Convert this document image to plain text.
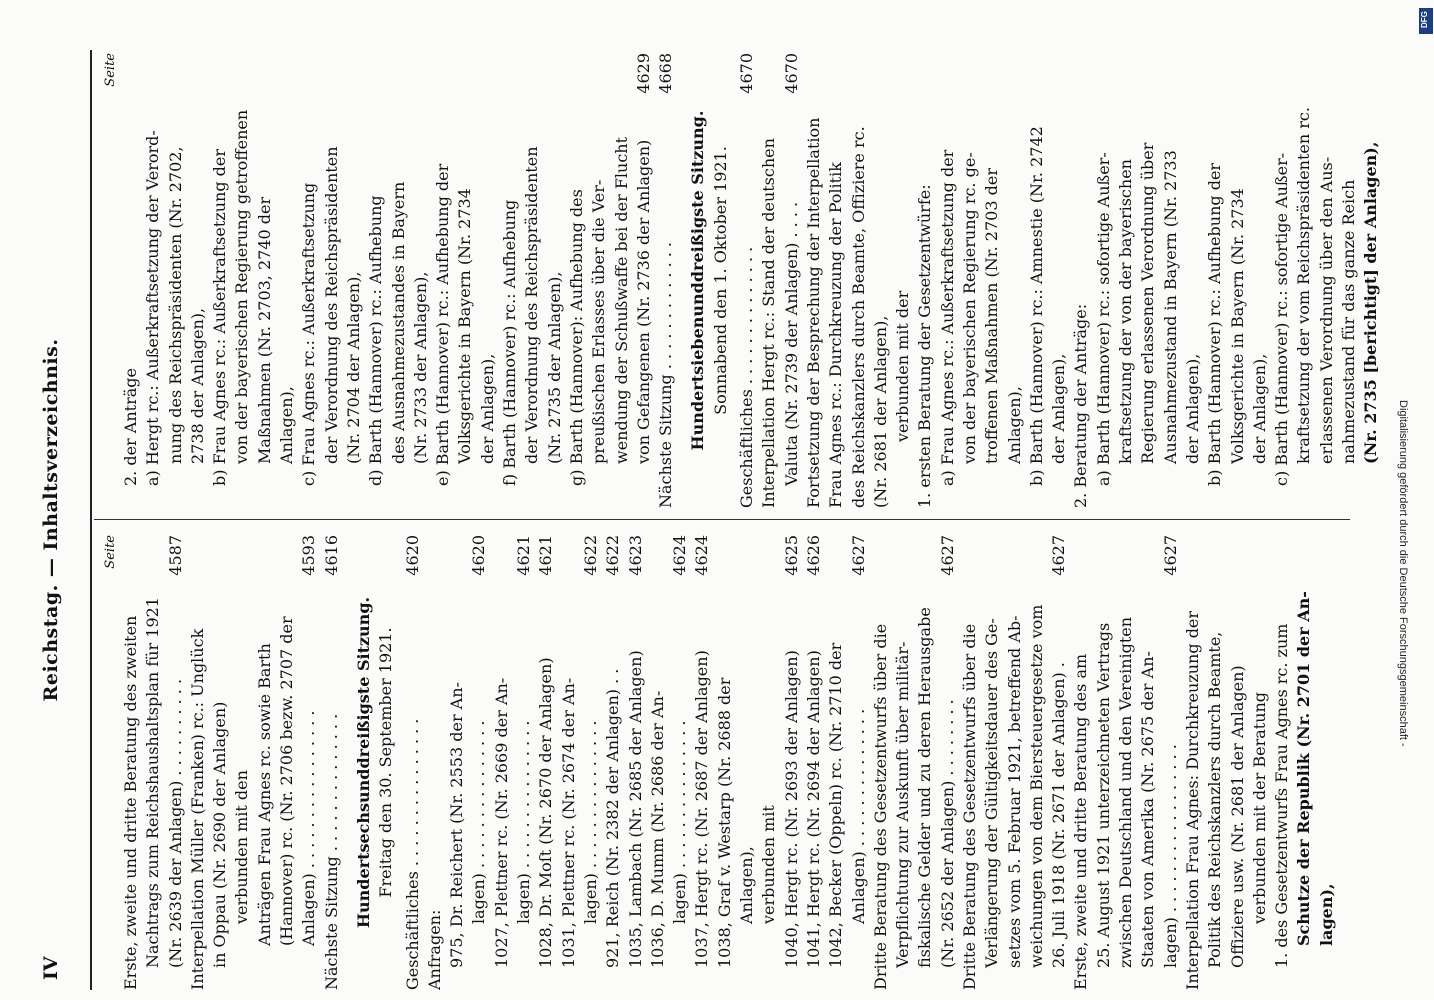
IV
Reichstag. — Inhaltsverzeichnis.	Seite
Erste, zweite und dritte Beratung des zweiten Nachtrags zum Reichshaushaltsplan für 1921 (Nr. 2639 der Anlagen) . . . . . . . . . .
4587
Interpellation Müller (Franken) rc.: Unglück in Oppau (Nr. 2690 der Anlagen) verbunden mit den Anträgen Frau Agnes rc. sowie Barth (Hannover) rc. (Nr. 2706 bezw. 2707 der Anlagen) . . . . . . . . . . . . . . . .
4593
Nächste Sitzung . . . . . . . . . . . . . .
4616
Hundertsechsunddreißigste Sitzung. Freitag den 30. September 1921. Geschäftliches . . . . . . . . . . . . . . .
4620
Anfragen: 975, Dr. Reichert (Nr. 2553 der An- lagen) . . . . . . . . . . . . . . .
4620
1027, Plettner rc. (Nr. 2669 der An- lagen) . . . . . . . . . . . . . . .
4621
1028, Dr. Moſt (Nr. 2670 der Anlagen)
4621
1031, Plettner rc. (Nr. 2674 der An- lagen) . . . . . . . . . . . . . . .
4622
921, Reich (Nr. 2382 der Anlagen) . .
4622
1035, Lambach (Nr. 2685 der Anlagen)
4623
1036, D. Mumm (Nr. 2686 der An- lagen) . . . . . . . . . . . . . . .
4624
1037, Hergt rc. (Nr. 2687 der Anlagen)
4624
1038, Graf v. Westarp (Nr. 2688 der Anlagen), verbunden mit 1040, Hergt rc. (Nr. 2693 der Anlagen)
4625
1041, Hergt rc. (Nr. 2694 der Anlagen)
4626
1042, Becker (Oppeln) rc. (Nr. 2710 der Anlagen) . . . . . . . . . . . . . .
4627
Dritte Beratung des Gesetzentwurfs über die Verpflichtung zur Auskunft über militär- fiskalische Gelder und zu deren Herausgabe (Nr. 2652 der Anlagen) . . . . . . . .
4627
Dritte Beratung des Gesetzentwurfs über die Verlängerung der Gültigkeitsdauer des Ge- setzes vom 5. Februar 1921, betreffend Ab- weichungen von dem Biersteuergesetze vom 26. Juli 1918 (Nr. 2671 der Anlagen) .
4627
Erste, zweite und dritte Beratung des am 25. August 1921 unterzeichneten Vertrags zwischen Deutschland und den Vereinigten Staaten von Amerika (Nr. 2675 der An- lagen) . . . . . . . . . . . . . . . . .
4627
Interpellation Frau Agnes: Durchkreuzung der Politik des Reichskanzlers durch Beamte, Offiziere usw. (Nr. 2681 der Anlagen) verbunden mit der Beratung 1. des Gesetzentwurfs Frau Agnes rc. zum Schutze der Republik (Nr. 2701 der An- lagen),
Seite
2. der Anträge a) Hergt rc.: Außerkraftsetzung der Verord- nung des Reichspräsidenten (Nr. 2702, 2738 der Anlagen), b) Frau Agnes rc.: Außerkraftsetzung der von der bayerischen Regierung getroffenen Maßnahmen (Nr. 2703, 2740 der Anlagen), c) Frau Agnes rc.: Außerkraftsetzung der Verordnung des Reichspräsidenten (Nr. 2704 der Anlagen), d) Barth (Hannover) rc.: Aufhebung des Ausnahmezustandes in Bayern (Nr. 2733 der Anlagen), e) Barth (Hannover) rc.: Aufhebung der Volksgerichte in Bayern (Nr. 2734 der Anlagen), f) Barth (Hannover) rc.: Aufhebung der Verordnung des Reichspräsidenten (Nr. 2735 der Anlagen), g) Barth (Hannover): Aufhebung des preußischen Erlasses über die Ver- wendung der Schußwaffe bei der Flucht von Gefangenen (Nr. 2736 der Anlagen)
4629
Nächste Sitzung . . . . . . . . . . . . .
4668
Hundertsiebenunddreißigste Sitzung. Sonnabend den 1. Oktober 1921. Geschäftliches . . . . . . . . . . . . . .
4670
Interpellation Hergt rc.: Stand der deutschen Valuta (Nr. 2739 der Anlagen) . . . .
4670
Fortsetzung der Besprechung der Interpellation Frau Agnes rc.: Durchkreuzung der Politik des Reichskanzlers durch Beamte, Offiziere rc. (Nr. 2681 der Anlagen), verbunden mit der 1. ersten Beratung der Gesetzentwürfe: a) Frau Agnes rc.: Außerkraftsetzung der von der bayerischen Regierung rc. ge- troffenen Maßnahmen (Nr. 2703 der Anlagen), b) Barth (Hannover) rc.: Amnestie (Nr. 2742 der Anlagen), 2. Beratung der Anträge: a) Barth (Hannover) rc.: sofortige Außer- kraftsetzung der von der bayerischen Regierung erlassenen Verordnung über Ausnahmezustand in Bayern (Nr. 2733 der Anlagen), b) Barth (Hannover) rc.: Aufhebung der Volksgerichte in Bayern (Nr. 2734 der Anlagen), c) Barth (Hannover) rc.: sofortige Außer- kraftsetzung der vom Reichspräsidenten rc. erlassenen Verordnung über den Aus- nahmezustand für das ganze Reich (Nr. 2735 [berichtigt] der Anlagen),
Digitalisierung gefördert durch die Deutsche Forschungsgemeinschaft -
DFG
